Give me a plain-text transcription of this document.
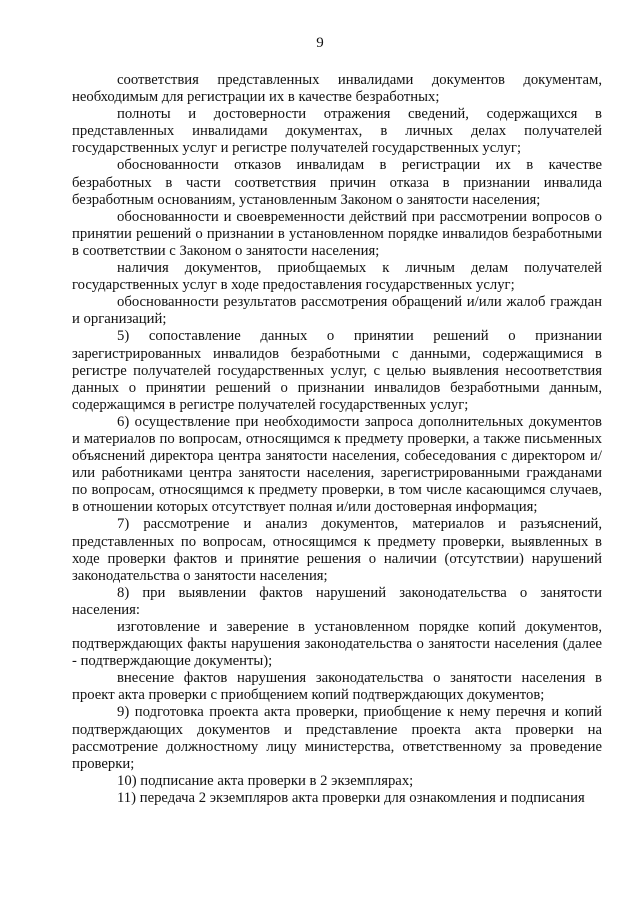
9

соответствия представленных инвалидами документов документам, необходимым для регистрации их в качестве безработных;

полноты и достоверности отражения сведений, содержащихся в представленных инвалидами документах, в личных делах получателей государственных услуг и регистре получателей государственных услуг;

обоснованности отказов инвалидам в регистрации их в качестве безработных в части соответствия причин отказа в признании инвалида безработным основаниям, установленным Законом о занятости населения;

обоснованности и своевременности действий при рассмотрении вопросов о принятии решений о признании в установленном порядке инвалидов безработными в соответствии с Законом о занятости населения;

наличия документов, приобщаемых к личным делам получателей государственных услуг в ходе предоставления государственных услуг;

обоснованности результатов рассмотрения обращений и/или жалоб граждан и организаций;

5) сопоставление данных о принятии решений о признании зарегистрированных инвалидов безработными с данными, содержащимися в регистре получателей государственных услуг, с целью выявления несоответствия данных о принятии решений о признании инвалидов безработными данным, содержащимся в регистре получателей государственных услуг;

6) осуществление при необходимости запроса дополнительных документов и материалов по вопросам, относящимся к предмету проверки, а также письменных объяснений директора центра занятости населения, собеседования с директором и/или работниками центра занятости населения, зарегистрированными гражданами по вопросам, относящимся к предмету проверки, в том числе касающимся случаев, в отношении которых отсутствует полная и/или достоверная информация;

7) рассмотрение и анализ документов, материалов и разъяснений, представленных по вопросам, относящимся к предмету проверки, выявленных в ходе проверки фактов и принятие решения о наличии (отсутствии) нарушений законодательства о занятости населения;

8) при выявлении фактов нарушений законодательства о занятости населения:

изготовление и заверение в установленном порядке копий документов, подтверждающих факты нарушения законодательства о занятости населения (далее - подтверждающие документы);

внесение фактов нарушения законодательства о занятости населения в проект акта проверки с приобщением копий подтверждающих документов;

9) подготовка проекта акта проверки, приобщение к нему перечня и копий подтверждающих документов и представление проекта акта проверки на рассмотрение должностному лицу министерства, ответственному за проведение проверки;

10) подписание акта проверки в 2 экземплярах;

11) передача 2 экземпляров акта проверки для ознакомления и подписания
